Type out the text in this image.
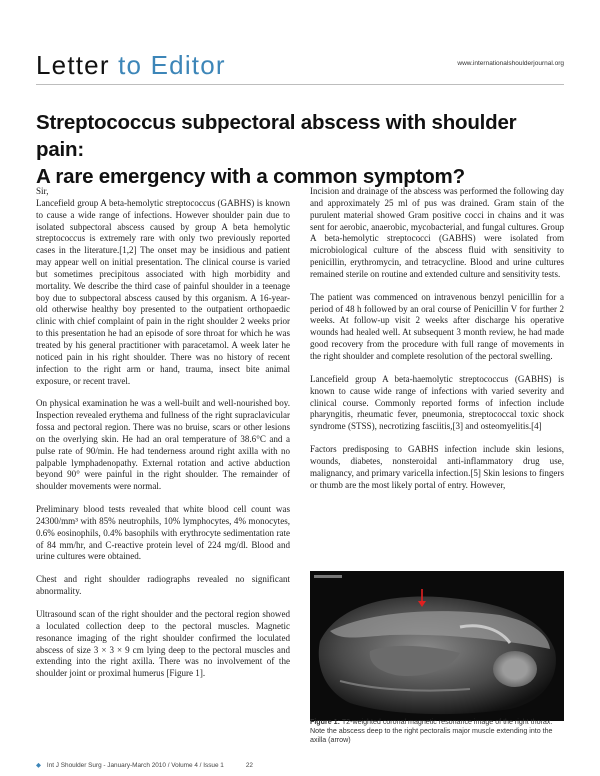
Letter to Editor	www.internationalshoulderjournal.org
Streptococcus subpectoral abscess with shoulder pain:
A rare emergency with a common symptom?

Sir,

Lancefield group A beta-hemolytic streptococcus (GABHS) is known to cause a wide range of infections. However shoulder pain due to isolated subpectoral abscess caused by group A beta hemolytic streptococcus is extremely rare with only two previously reported cases in the literature.[1,2] The onset may be insidious and patient may appear well on initial presentation. The clinical course is varied but sometimes precipitous associated with high morbidity and mortality. We describe the third case of painful shoulder in a teenage boy due to subpectoral abscess caused by this organism. A 16-year-old otherwise healthy boy presented to the outpatient orthopaedic clinic with chief complaint of pain in the right shoulder 2 weeks prior to this presentation he had an episode of sore throat for which he was treated by his general practitioner with paracetamol. A week later he noticed pain in his right shoulder. There was no history of recent infection to the right arm or hand, trauma, insect bite animal exposure, or recent travel.

On physical examination he was a well-built and well-nourished boy. Inspection revealed erythema and fullness of the right supraclavicular fossa and pectoral region. There was no bruise, scars or other lesions on the overlying skin. He had an oral temperature of 38.6°C and a pulse rate of 90/min. He had tenderness around right axilla with no palpable lymphadenopathy. External rotation and active abduction beyond 90° were painful in the right shoulder. The remainder of shoulder movements were normal.

Preliminary blood tests revealed that white blood cell count was 24300/mm³ with 85% neutrophils, 10% lymphocytes, 4% monocytes, 0.6% eosinophils, 0.4% basophils with erythrocyte sedimentation rate of 84 mm/hr, and C-reactive protein level of 224 mg/dl. Blood and urine cultures were obtained.

Chest and right shoulder radiographs revealed no significant abnormality.

Ultrasound scan of the right shoulder and the pectoral region showed a loculated collection deep to the pectoral muscles. Magnetic resonance imaging of the right shoulder confirmed the loculated abscess of size 3 × 3 × 9 cm lying deep to the pectoral muscles and extending into the right axilla. There was no involvement of the shoulder joint or proximal humerus [Figure 1].

Incision and drainage of the abscess was performed the following day and approximately 25 ml of pus was drained. Gram stain of the purulent material showed Gram positive cocci in chains and it was sent for aerobic, anaerobic, mycobacterial, and fungal cultures. Group A beta-hemolytic streptococci (GABHS) were isolated from microbiological culture of the abscess fluid with sensitivity to penicillin, erythromycin, and tetracycline. Blood and urine cultures remained sterile on routine and extended culture and sensitivity tests.

The patient was commenced on intravenous benzyl penicillin for a period of 48 h followed by an oral course of Penicillin V for further 2 weeks. At follow-up visit 2 weeks after discharge his operative wounds had healed well. At subsequent 3 month review, he had made good recovery from the procedure with full range of movements in the right shoulder and complete resolution of the pectoral swelling.

Lancefield group A beta-haemolytic streptococcus (GABHS) is known to cause wide range of infections with varied severity and clinical course. Commonly reported forms of infection include pharyngitis, rheumatic fever, pneumonia, streptococcal toxic shock syndrome (STSS), necrotizing fasciitis,[3] and osteomyelitis.[4]

Factors predisposing to GABHS infection include skin lesions, wounds, diabetes, nonsteroidal anti-inflammatory drug use, malignancy, and primary varicella infection.[5] Skin lesions to fingers or thumb are the most likely portal of entry. However,

Figure 1: T2-weighted coronal magnetic resonance image of the right thorax. Note the abscess deep to the right pectoralis major muscle extending into the axilla (arrow)
◆ Int J Shoulder Surg - January-March 2010 / Volume 4 / Issue 1	22
